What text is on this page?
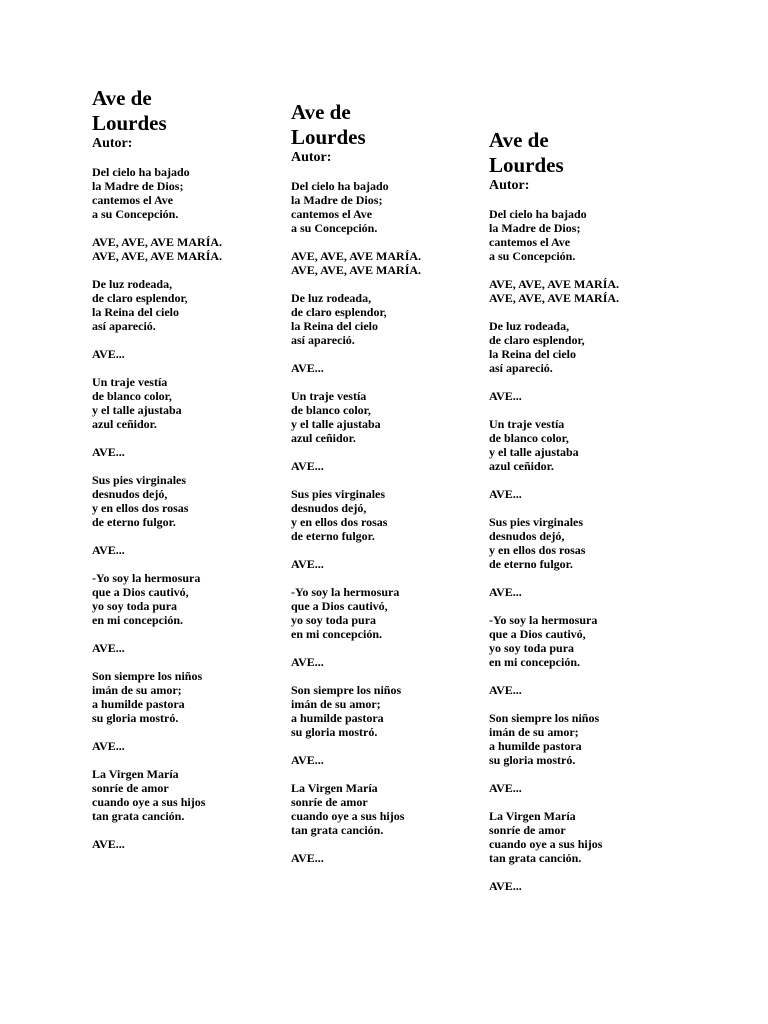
Ave de
Lourdes
Autor:
Del cielo ha bajado
la Madre de Dios;
cantemos el Ave
a su Concepción.
AVE, AVE, AVE MARÍA.
AVE, AVE, AVE MARÍA.
De luz rodeada,
de claro esplendor,
la Reina del cielo
así apareció.
AVE...
Un traje vestía
de blanco color,
y el talle ajustaba
azul ceñidor.
AVE...
Sus pies virginales
desnudos dejó,
y en ellos dos rosas
de eterno fulgor.
AVE...
-Yo soy la hermosura
que a Dios cautivó,
yo soy toda pura
en mi concepción.
AVE...
Son siempre los niños
imán de su amor;
a humilde pastora
su gloria mostró.
AVE...
La Virgen María
sonríe de amor
cuando oye a sus hijos
tan grata canción.
AVE...
Ave de
Lourdes
Autor:
Del cielo ha bajado
la Madre de Dios;
cantemos el Ave
a su Concepción.
AVE, AVE, AVE MARÍA.
AVE, AVE, AVE MARÍA.
De luz rodeada,
de claro esplendor,
la Reina del cielo
así apareció.
AVE...
Un traje vestía
de blanco color,
y el talle ajustaba
azul ceñidor.
AVE...
Sus pies virginales
desnudos dejó,
y en ellos dos rosas
de eterno fulgor.
AVE...
-Yo soy la hermosura
que a Dios cautivó,
yo soy toda pura
en mi concepción.
AVE...
Son siempre los niños
imán de su amor;
a humilde pastora
su gloria mostró.
AVE...
La Virgen María
sonríe de amor
cuando oye a sus hijos
tan grata canción.
AVE...
Ave de
Lourdes
Autor:
Del cielo ha bajado
la Madre de Dios;
cantemos el Ave
a su Concepción.
AVE, AVE, AVE MARÍA.
AVE, AVE, AVE MARÍA.
De luz rodeada,
de claro esplendor,
la Reina del cielo
así apareció.
AVE...
Un traje vestía
de blanco color,
y el talle ajustaba
azul ceñidor.
AVE...
Sus pies virginales
desnudos dejó,
y en ellos dos rosas
de eterno fulgor.
AVE...
-Yo soy la hermosura
que a Dios cautivó,
yo soy toda pura
en mi concepción.
AVE...
Son siempre los niños
imán de su amor;
a humilde pastora
su gloria mostró.
AVE...
La Virgen María
sonríe de amor
cuando oye a sus hijos
tan grata canción.
AVE...
